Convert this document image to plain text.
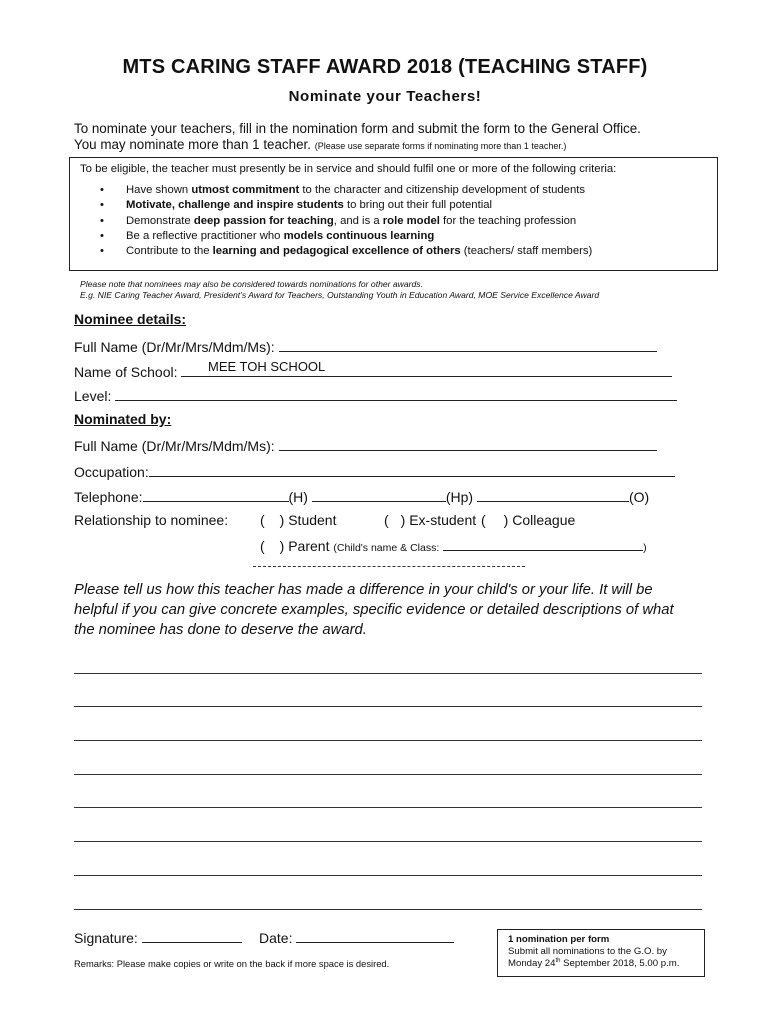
MTS CARING STAFF AWARD 2018 (TEACHING STAFF)
Nominate your Teachers!
To nominate your teachers, fill in the nomination form and submit the form to the General Office.
You may nominate more than 1 teacher. (Please use separate forms if nominating more than 1 teacher.)
To be eligible, the teacher must presently be in service and should fulfil one or more of the following criteria:
• Have shown utmost commitment to the character and citizenship development of students
• Motivate, challenge and inspire students to bring out their full potential
• Demonstrate deep passion for teaching, and is a role model for the teaching profession
• Be a reflective practitioner who models continuous learning
• Contribute to the learning and pedagogical excellence of others (teachers/ staff members)
Please note that nominees may also be considered towards nominations for other awards.
E.g. NIE Caring Teacher Award, President's Award for Teachers, Outstanding Youth in Education Award, MOE Service Excellence Award
Nominee details:
Full Name (Dr/Mr/Mrs/Mdm/Ms):
Name of School:	MEE TOH SCHOOL
Level:
Nominated by:
Full Name (Dr/Mr/Mrs/Mdm/Ms):
Occupation:
Telephone:	(H)	(Hp)	(O)
Relationship to nominee: ( ) Student	( ) Ex-student ( ) Colleague
( ) Parent (Child's name & Class:	)
Please tell us how this teacher has made a difference in your child's or your life. It will be
helpful if you can give concrete examples, specific evidence or detailed descriptions of what
the nominee has done to deserve the award.
Signature:	Date:
Remarks: Please make copies or write on the back if more space is desired.
1 nomination per form
Submit all nominations to the G.O. by
Monday 24th September 2018, 5.00 p.m.
